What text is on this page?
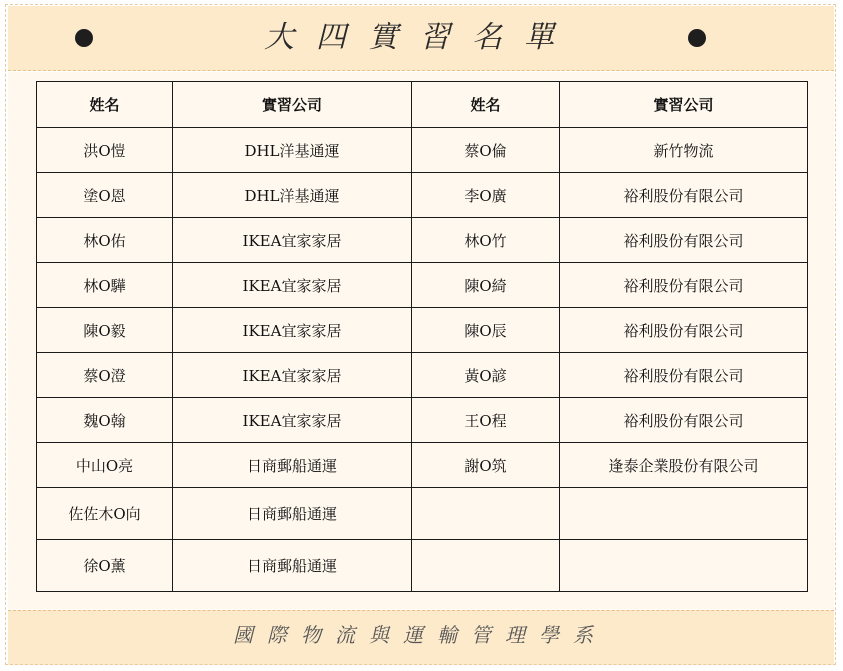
大四實習名單
姓名	實習公司	姓名	實習公司
洪O愷	DHL洋基通運	蔡O倫	新竹物流
塗O恩	DHL洋基通運	李O廣	裕利股份有限公司
林O佑	IKEA宜家家居	林O竹	裕利股份有限公司
林O驊	IKEA宜家家居	陳O綺	裕利股份有限公司
陳O毅	IKEA宜家家居	陳O辰	裕利股份有限公司
蔡O澄	IKEA宜家家居	黃O諺	裕利股份有限公司
魏O翰	IKEA宜家家居	王O程	裕利股份有限公司
中山O亮	日商郵船通運	謝O筑	逢泰企業股份有限公司
佐佐木O向	日商郵船通運		
徐O薰	日商郵船通運		
國際物流與運輸管理學系
